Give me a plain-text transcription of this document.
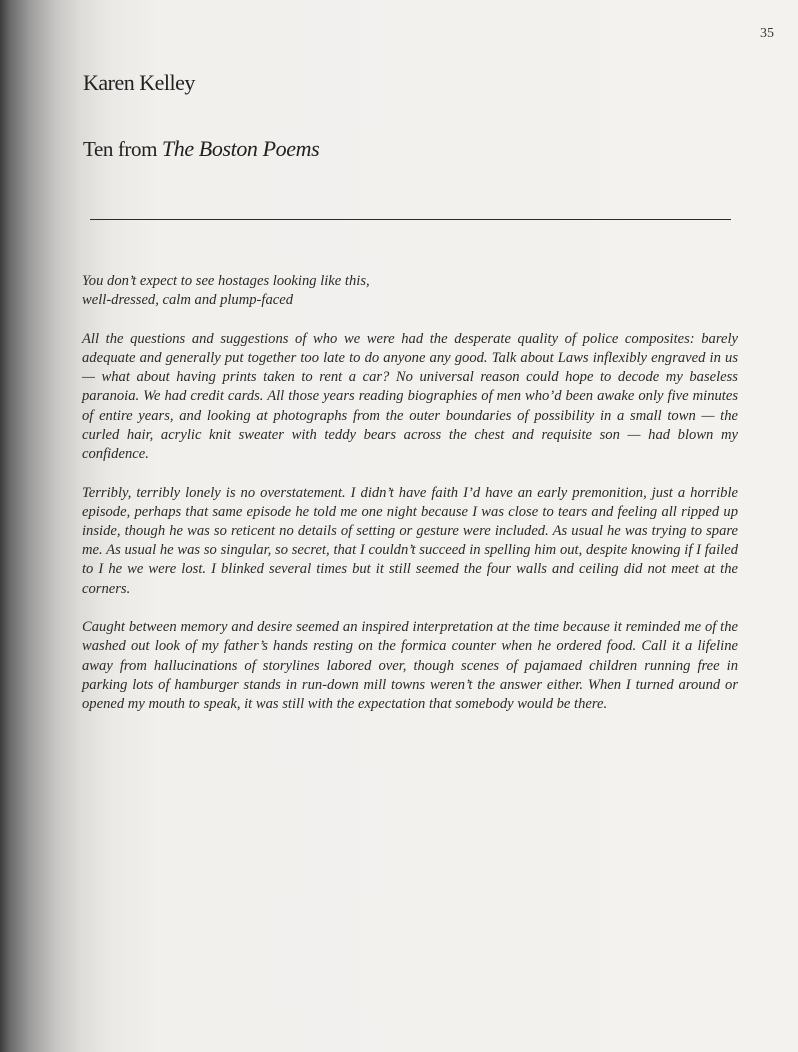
35
Karen Kelley
Ten from The Boston Poems

You don’t expect to see hostages looking like this,
well-dressed, calm and plump-faced

All the questions and suggestions of who we were had the desperate quality of police composites: barely adequate and generally put together too late to do anyone any good. Talk about Laws inflexibly engraved in us — what about having prints taken to rent a car? No universal reason could hope to decode my baseless paranoia. We had credit cards. All those years reading biographies of men who’d been awake only five minutes of entire years, and looking at photographs from the outer boundaries of possibility in a small town — the curled hair, acrylic knit sweater with teddy bears across the chest and requisite son — had blown my confidence.

Terribly, terribly lonely is no overstatement. I didn’t have faith I’d have an early premonition, just a horrible episode, perhaps that same episode he told me one night because I was close to tears and feeling all ripped up inside, though he was so reticent no details of setting or gesture were included. As usual he was trying to spare me. As usual he was so singular, so secret, that I couldn’t succeed in spelling him out, despite knowing if I failed to I he we were lost. I blinked several times but it still seemed the four walls and ceiling did not meet at the corners.

Caught between memory and desire seemed an inspired interpretation at the time because it reminded me of the washed out look of my father’s hands resting on the formica counter when he ordered food. Call it a lifeline away from hallucinations of storylines labored over, though scenes of pajamaed children running free in parking lots of hamburger stands in run-down mill towns weren’t the answer either. When I turned around or opened my mouth to speak, it was still with the expectation that somebody would be there.
